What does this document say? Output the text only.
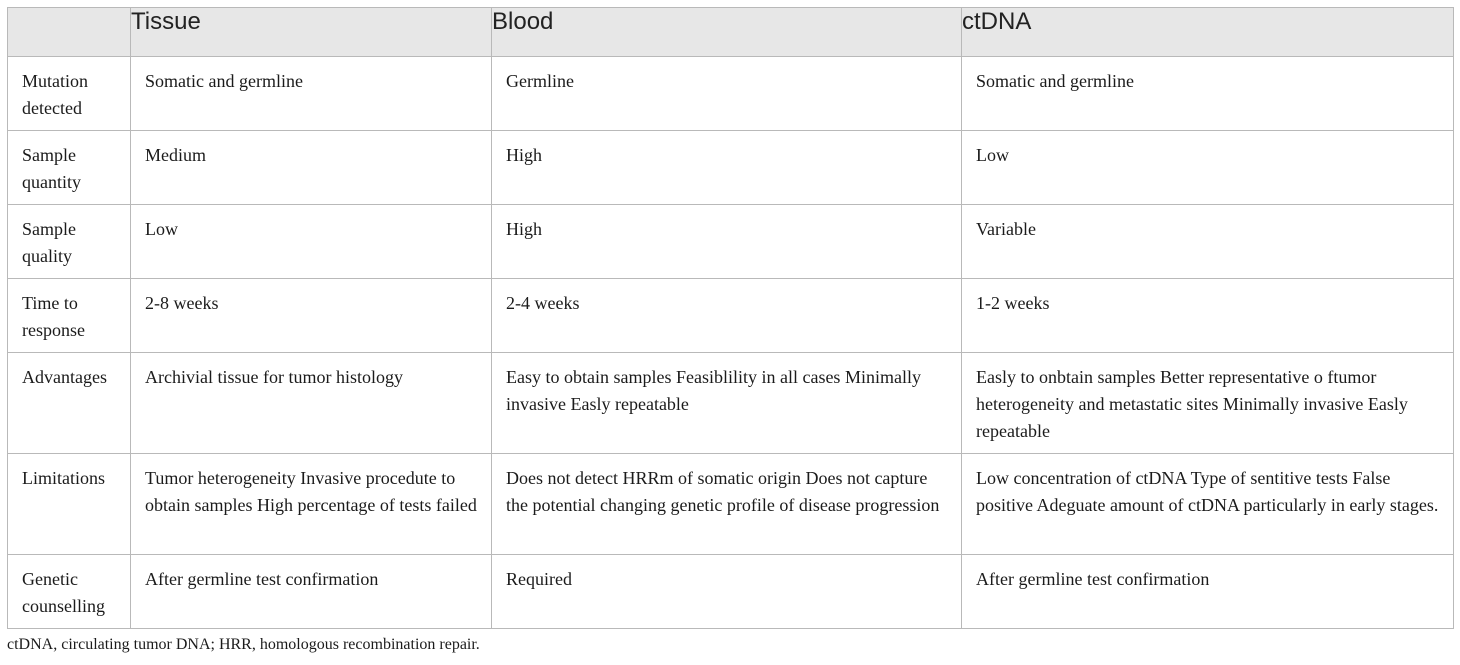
	Tissue	Blood	ctDNA
Mutation detected	Somatic and germline	Germline	Somatic and germline
Sample quantity	Medium	High	Low
Sample quality	Low	High	Variable
Time to response	2-8 weeks	2-4 weeks	1-2 weeks
Advantages	Archivial tissue for tumor histology	Easy to obtain samples Feasiblility in all cases Minimally invasive Easly repeatable	Easly to onbtain samples Better representative o ftumor heterogeneity and metastatic sites Minimally invasive Easly repeatable
Limitations	Tumor heterogeneity Invasive procedute to obtain samples High percentage of tests failed	Does not detect HRRm of somatic origin Does not capture the potential changing genetic profile of disease progression	Low concentration of ctDNA Type of sentitive tests False positive Adeguate amount of ctDNA particularly in early stages.
Genetic counselling	After germline test confirmation	Required	After germline test confirmation
ctDNA, circulating tumor DNA; HRR, homologous recombination repair.
